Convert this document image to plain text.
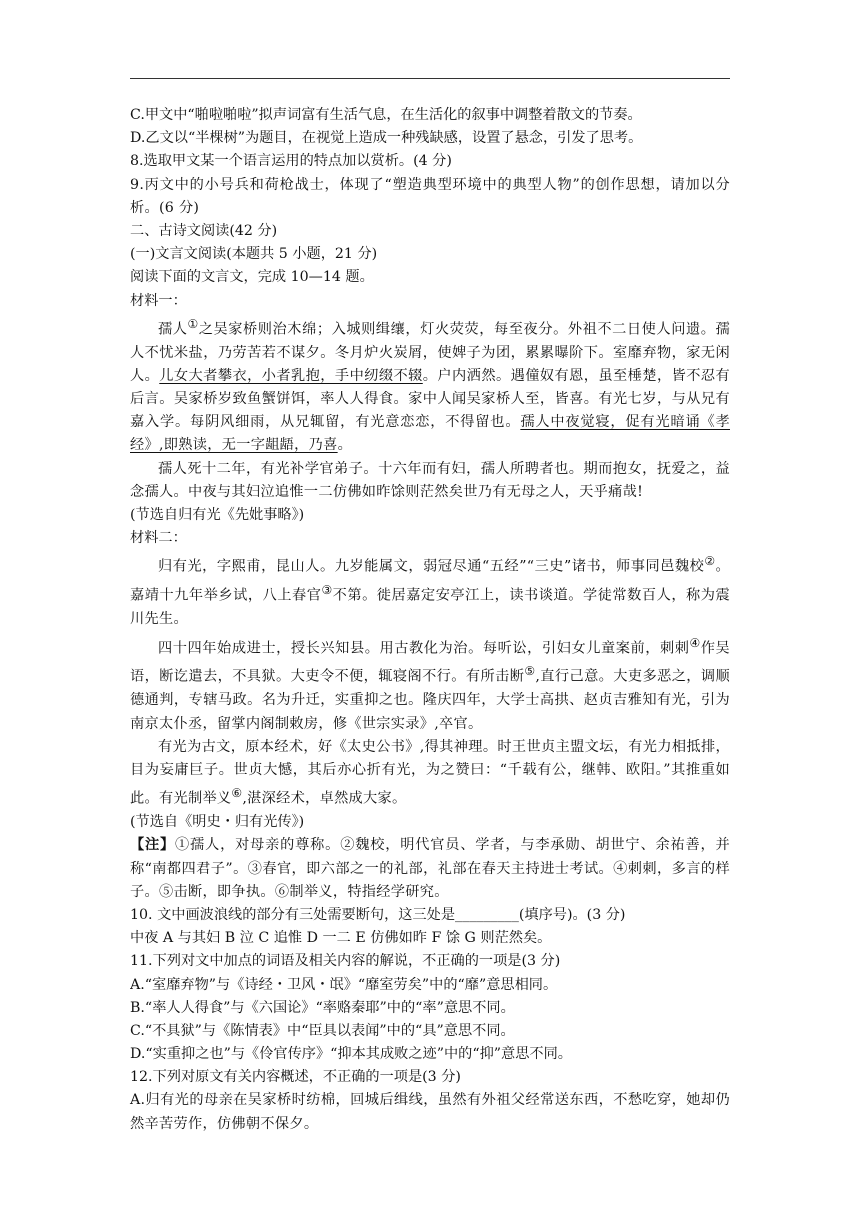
C.甲文中“啪啦啪啦”拟声词富有生活气息，在生活化的叙事中调整着散文的节奏。
D.乙文以“半棵树”为题目，在视觉上造成一种残缺感，设置了悬念，引发了思考。
8.选取甲文某一个语言运用的特点加以赏析。(4 分)
9.丙文中的小号兵和荷枪战士，体现了“塑造典型环境中的典型人物”的创作思想，请加以分析。(6 分)
二、古诗文阅读(42 分)
(一)文言文阅读(本题共 5 小题，21 分)
阅读下面的文言文，完成 10—14 题。
材料一：
孺人①之吴家桥则治木绵；入城则缉𬙋，灯火荧荧，每至夜分。外祖不二日使人问遗。孺人不忧米盐，乃劳苦若不谋夕。冬月炉火炭屑，使婢子为团，累累曝阶下。室靡弃物，家无闲人。儿女大者攀衣，小者乳抱，手中纫缀不辍。户内洒然。遇僮奴有恩，虽至棰楚，皆不忍有后言。吴家桥岁致鱼蟹饼饵，率人人得食。家中人闻吴家桥人至，皆喜。有光七岁，与从兄有嘉入学。每阴风细雨，从兄辄留，有光意恋恋，不得留也。孺人中夜觉寝，促有光暗诵《孝经》,即熟读，无一字龃龉，乃喜。
孺人死十二年，有光补学官弟子。十六年而有妇，孺人所聘者也。期而抱女，抚爱之，益念孺人。中夜与其妇泣追惟一二仿佛如昨馀则茫然矣世乃有无母之人，天乎痛哉!
(节选自归有光《先妣事略》)
材料二：
归有光，字熙甫，昆山人。九岁能属文，弱冠尽通“五经”“三史”诸书，师事同邑魏校②。嘉靖十九年举乡试，八上春官③不第。徙居嘉定安亭江上，读书谈道。学徒常数百人，称为震川先生。
四十四年始成进士，授长兴知县。用古教化为治。每听讼，引妇女儿童案前，刺刺④作吴语，断讫遣去，不具狱。大吏令不便，辄寝阁不行。有所击断⑤,直行己意。大吏多恶之，调顺德通判，专辖马政。名为升迁，实重抑之也。隆庆四年，大学士高拱、赵贞吉雅知有光，引为南京太仆丞，留掌内阁制敕房，修《世宗实录》,卒官。
有光为古文，原本经术，好《太史公书》,得其神理。时王世贞主盟文坛，有光力相抵排，目为妄庸巨子。世贞大憾，其后亦心折有光，为之赞曰：“千载有公，继韩、欧阳。”其推重如此。有光制举义⑥,湛深经术，卓然成大家。
(节选自《明史・归有光传》)
【注】①孺人，对母亲的尊称。②魏校，明代官员、学者，与李承勋、胡世宁、余祐善，并称“南都四君子”。③春官，即六部之一的礼部，礼部在春天主持进士考试。④刺刺，多言的样子。⑤击断，即争执。⑥制举义，特指经学研究。
10. 文中画波浪线的部分有三处需要断句，这三处是_________(填序号)。(3 分)
中夜 A 与其妇 B 泣 C 追惟 D 一二 E 仿佛如昨 F 馀 G 则茫然矣。
11.下列对文中加点的词语及相关内容的解说，不正确的一项是(3 分)
A.“室靡弃物”与《诗经・卫风・氓》“靡室劳矣”中的“靡”意思相同。
B.“率人人得食”与《六国论》“率赂秦耶”中的“率”意思不同。
C.“不具狱”与《陈情表》中“臣具以表闻”中的“具”意思不同。
D.“实重抑之也”与《伶官传序》“抑本其成败之迹”中的“抑”意思不同。
12.下列对原文有关内容概述，不正确的一项是(3 分)
A.归有光的母亲在吴家桥时纺棉，回城后缉线，虽然有外祖父经常送东西，不愁吃穿，她却仍然辛苦劳作，仿佛朝不保夕。
